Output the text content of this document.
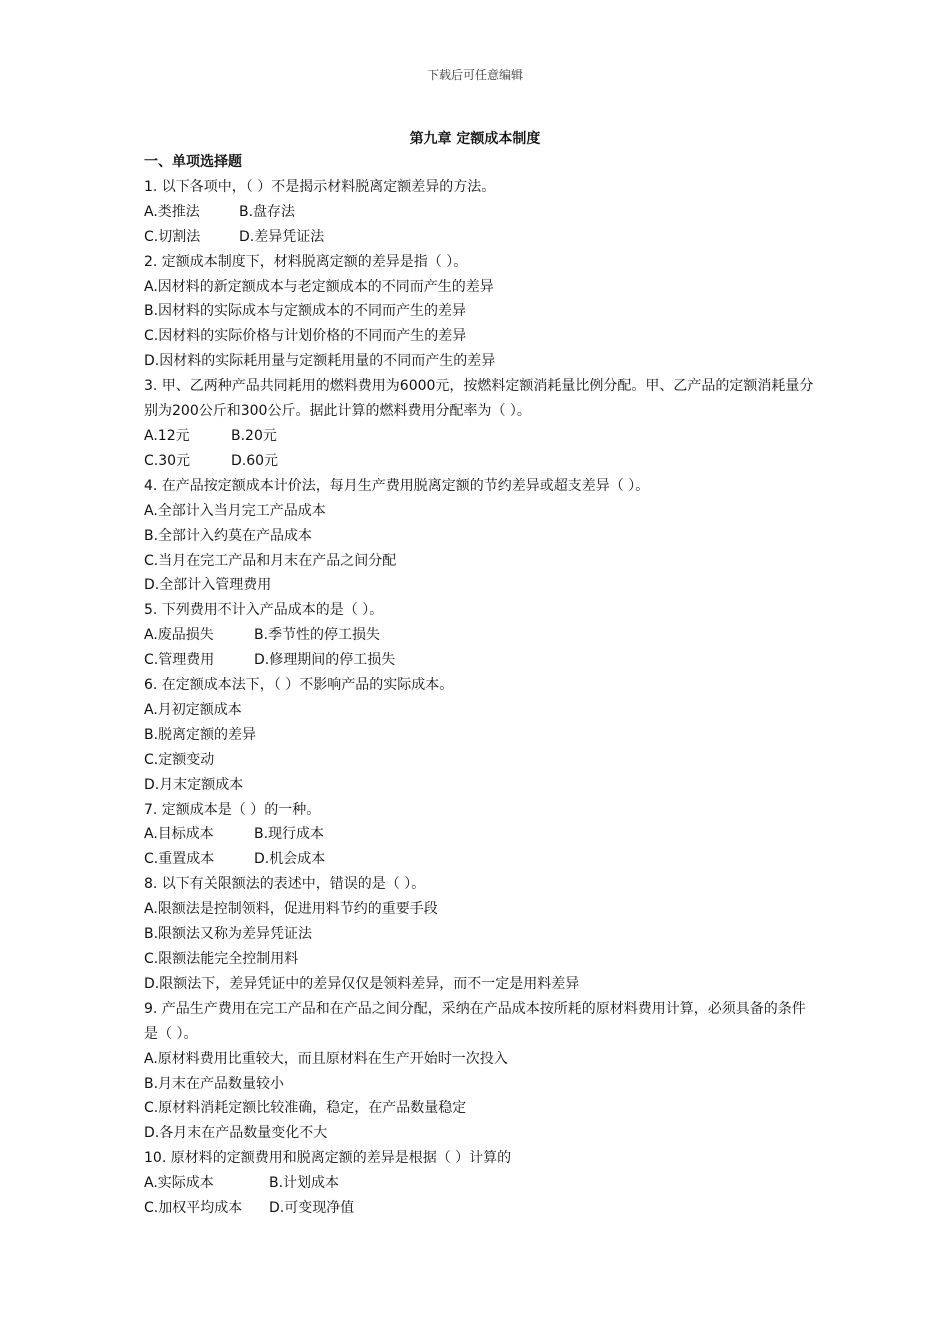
下载后可任意编辑
第九章 定额成本制度
一、单项选择题
1. 以下各项中，（ ）不是揭示材料脱离定额差异的方法。
A.类推法	B.盘存法
C.切割法	D.差异凭证法
2. 定额成本制度下，材料脱离定额的差异是指（ ）。
A.因材料的新定额成本与老定额成本的不同而产生的差异
B.因材料的实际成本与定额成本的不同而产生的差异
C.因材料的实际价格与计划价格的不同而产生的差异
D.因材料的实际耗用量与定额耗用量的不同而产生的差异
3. 甲、乙两种产品共同耗用的燃料费用为6000元，按燃料定额消耗量比例分配。甲、乙产品的定额消耗量分别为200公斤和300公斤。据此计算的燃料费用分配率为（ ）。
A.12元	B.20元
C.30元	D.60元
4. 在产品按定额成本计价法，每月生产费用脱离定额的节约差异或超支差异（ ）。
A.全部计入当月完工产品成本
B.全部计入约莫在产品成本
C.当月在完工产品和月末在产品之间分配
D.全部计入管理费用
5. 下列费用不计入产品成本的是（ ）。
A.废品损失	B.季节性的停工损失
C.管理费用	D.修理期间的停工损失
6. 在定额成本法下，（ ）不影响产品的实际成本。
A.月初定额成本
B.脱离定额的差异
C.定额变动
D.月末定额成本
7. 定额成本是（ ）的一种。
A.目标成本	B.现行成本
C.重置成本	D.机会成本
8. 以下有关限额法的表述中，错误的是（ ）。
A.限额法是控制领料，促进用料节约的重要手段
B.限额法又称为差异凭证法
C.限额法能完全控制用料
D.限额法下，差异凭证中的差异仅仅是领料差异，而不一定是用料差异
9. 产品生产费用在完工产品和在产品之间分配，采纳在产品成本按所耗的原材料费用计算，必须具备的条件是（ ）。
A.原材料费用比重较大，而且原材料在生产开始时一次投入
B.月末在产品数量较小
C.原材料消耗定额比较准确，稳定，在产品数量稳定
D.各月末在产品数量变化不大
10. 原材料的定额费用和脱离定额的差异是根据（ ）计算的
A.实际成本	B.计划成本
C.加权平均成本 D.可变现净值
